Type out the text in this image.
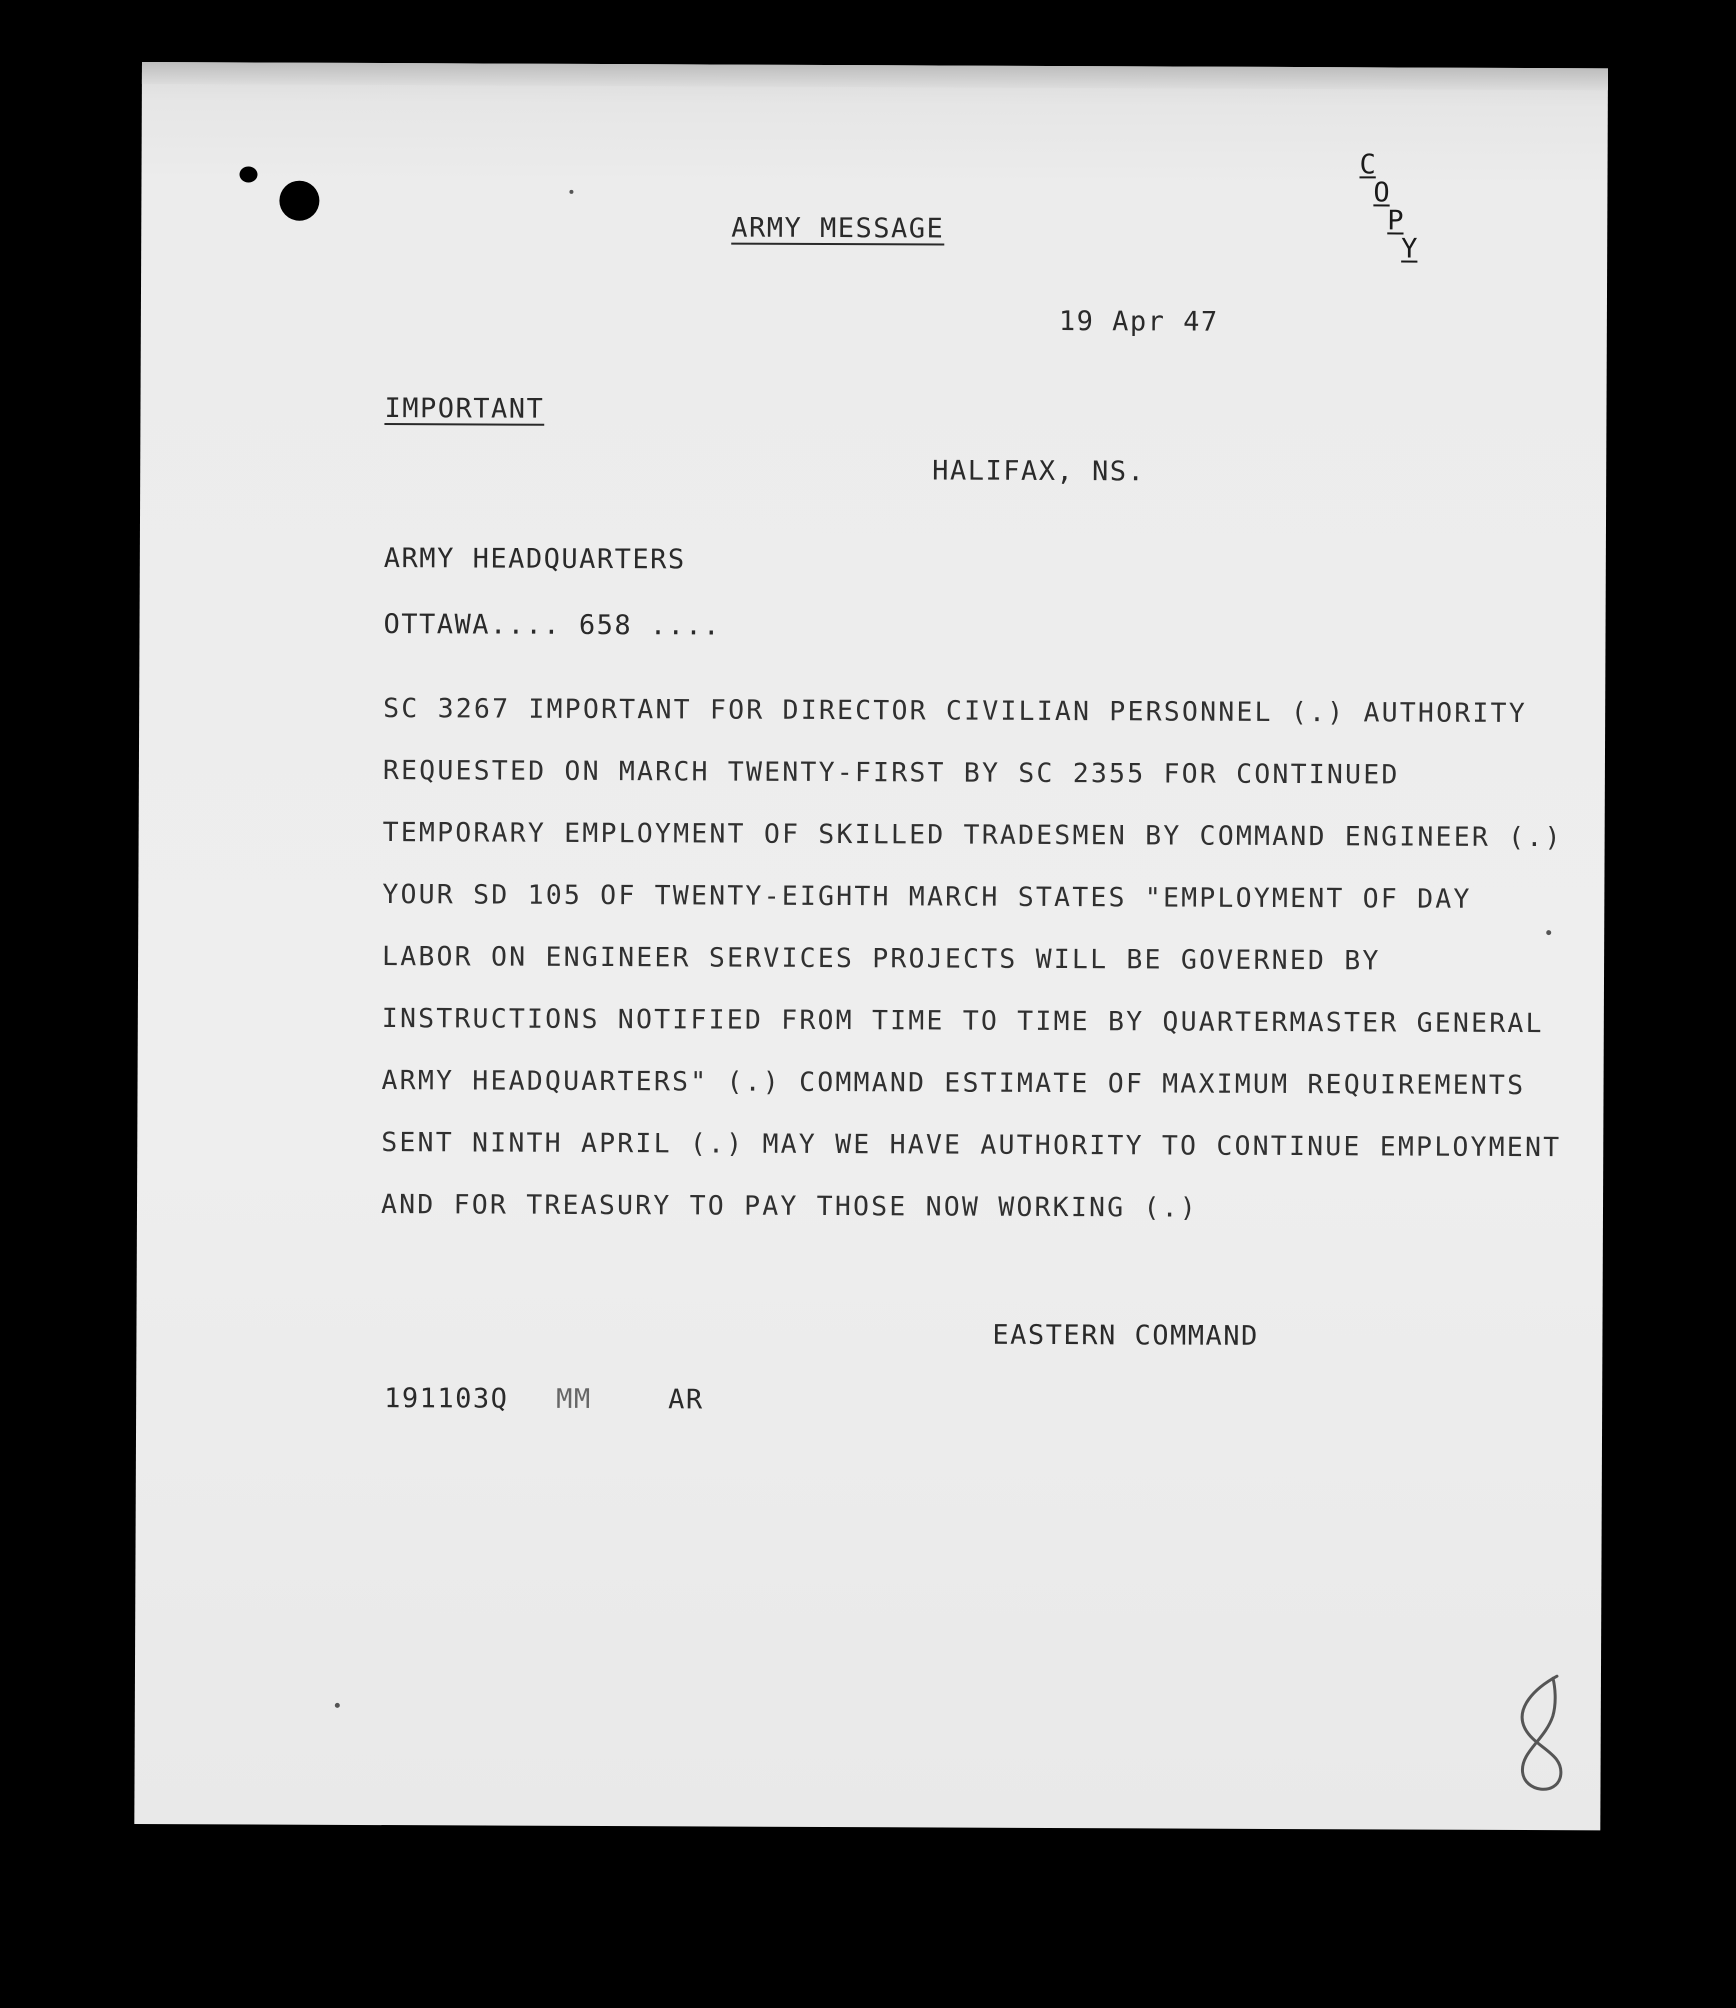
C
O
P
Y
ARMY MESSAGE
19 Apr 47
IMPORTANT
HALIFAX, NS.
ARMY HEADQUARTERS
OTTAWA.... 658 ....
SC 3267 IMPORTANT FOR DIRECTOR CIVILIAN PERSONNEL (.) AUTHORITY
REQUESTED ON MARCH TWENTY-FIRST BY SC 2355 FOR CONTINUED
TEMPORARY EMPLOYMENT OF SKILLED TRADESMEN BY COMMAND ENGINEER (.)
YOUR SD 105 OF TWENTY-EIGHTH MARCH STATES "EMPLOYMENT OF DAY
LABOR ON ENGINEER SERVICES PROJECTS WILL BE GOVERNED BY
INSTRUCTIONS NOTIFIED FROM TIME TO TIME BY QUARTERMASTER GENERAL
ARMY HEADQUARTERS" (.) COMMAND ESTIMATE OF MAXIMUM REQUIREMENTS
SENT NINTH APRIL (.) MAY WE HAVE AUTHORITY TO CONTINUE EMPLOYMENT
AND FOR TREASURY TO PAY THOSE NOW WORKING (.)
EASTERN COMMAND
191103Q MM	AR
